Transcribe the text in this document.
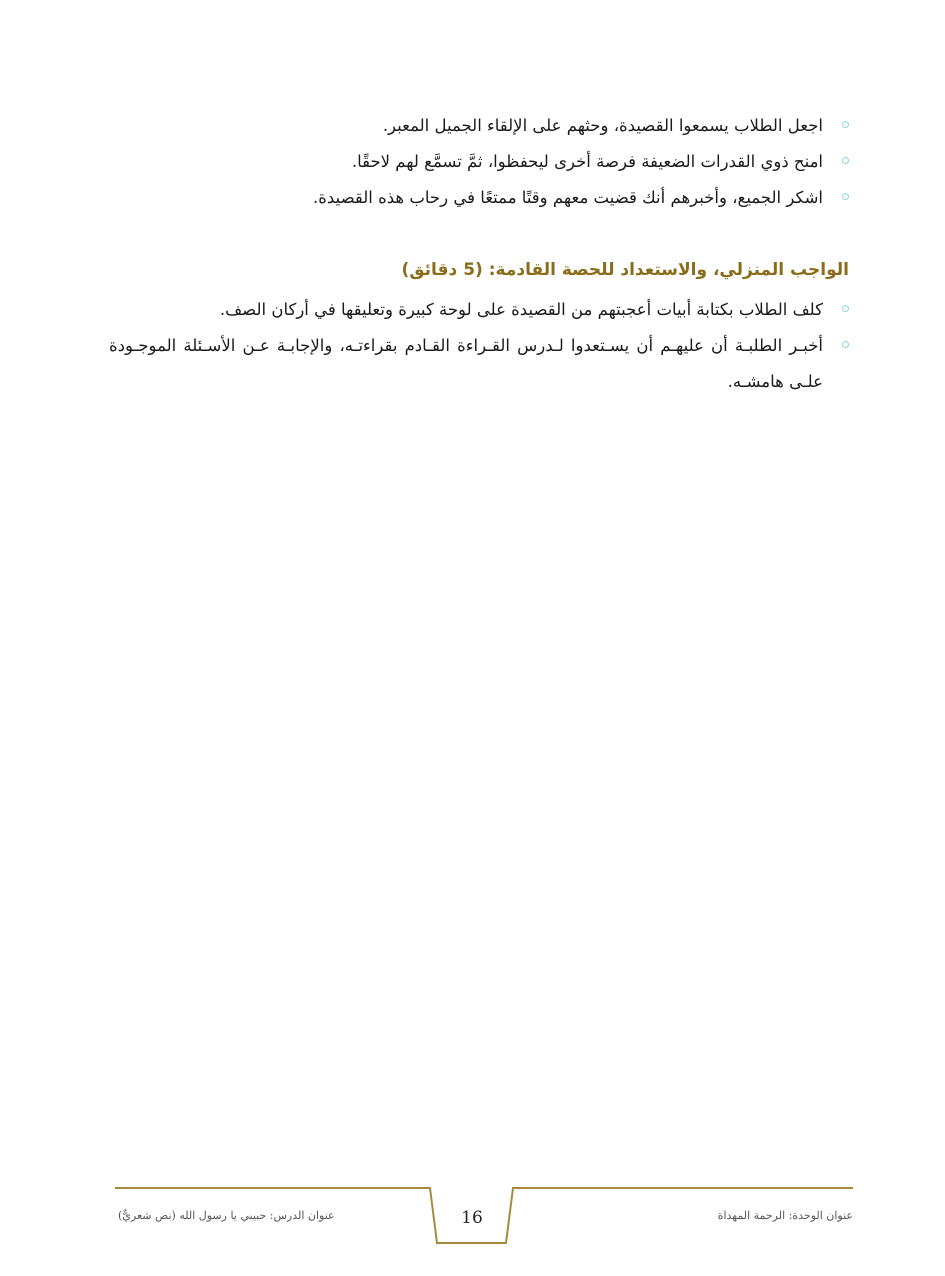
اجعل الطلاب يسمعوا القصيدة، وحثهم على الإلقاء الجميل المعبر.
امنح ذوي القدرات الضعيفة فرصة أخرى ليحفظوا، ثمَّ تسمَّع لهم لاحقًا.
اشكر الجميع، وأخبرهم أنك قضيت معهم وقتًا ممتعًا في رحاب هذه القصيدة.
الواجب المنزلي، والاستعداد للحصة القادمة: (5 دقائق)
كلف الطلاب بكتابة أبيات أعجبتهم من القصيدة على لوحة كبيرة وتعليقها في أركان الصف.
أخبـر الطلبـة أن عليهـم أن يسـتعدوا لـدرس القـراءة القـادم بقراءتـه، والإجابـة عـن الأسـئلة الموجـودة علـى هامشـه.
عنوان الوحدة: الرحمة المهداة
عنوان الدرس: حبيبي يا رسول الله (نص شعريٌّ)	16
